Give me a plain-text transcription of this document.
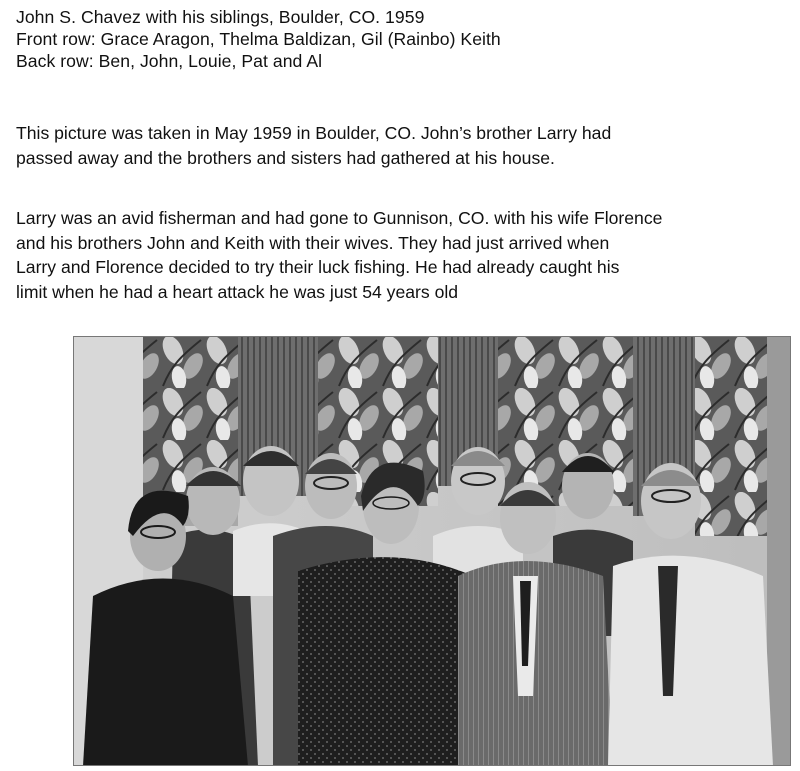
John S. Chavez with his siblings, Boulder, CO. 1959
Front row: Grace Aragon, Thelma Baldizan, Gil (Rainbo) Keith
Back row: Ben, John, Louie, Pat and Al
This picture was taken in May 1959 in Boulder, CO. John’s brother Larry had
passed away and the brothers and sisters had gathered at his house.
Larry was an avid fisherman and had gone to Gunnison, CO. with his wife Florence
and his brothers John and Keith with their wives. They had just arrived when
Larry and Florence decided to try their luck fishing. He had already caught his
limit when he had a heart attack he was just 54 years old
